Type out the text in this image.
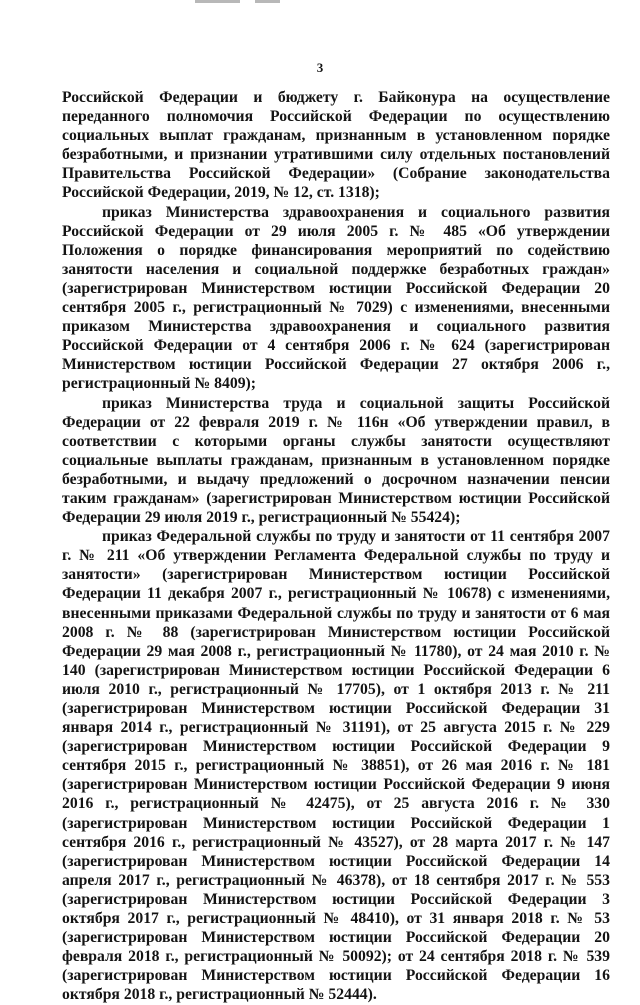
3

Российской Федерации и бюджету г. Байконура на осуществление переданного полномочия Российской Федерации по осуществлению социальных выплат гражданам, признанным в установленном порядке безработными, и признании утратившими силу отдельных постановлений Правительства Российской Федерации» (Собрание законодательства Российской Федерации, 2019, № 12, ст. 1318);

приказ Министерства здравоохранения и социального развития Российской Федерации от 29 июля 2005 г. № 485 «Об утверждении Положения о порядке финансирования мероприятий по содействию занятости населения и социальной поддержке безработных граждан» (зарегистрирован Министерством юстиции Российской Федерации 20 сентября 2005 г., регистрационный № 7029) с изменениями, внесенными приказом Министерства здравоохранения и социального развития Российской Федерации от 4 сентября 2006 г. № 624 (зарегистрирован Министерством юстиции Российской Федерации 27 октября 2006 г., регистрационный № 8409);

приказ Министерства труда и социальной защиты Российской Федерации от 22 февраля 2019 г. № 116н «Об утверждении правил, в соответствии с которыми органы службы занятости осуществляют социальные выплаты гражданам, признанным в установленном порядке безработными, и выдачу предложений о досрочном назначении пенсии таким гражданам» (зарегистрирован Министерством юстиции Российской Федерации 29 июля 2019 г., регистрационный № 55424);

приказ Федеральной службы по труду и занятости от 11 сентября 2007 г. № 211 «Об утверждении Регламента Федеральной службы по труду и занятости» (зарегистрирован Министерством юстиции Российской Федерации 11 декабря 2007 г., регистрационный № 10678) с изменениями, внесенными приказами Федеральной службы по труду и занятости от 6 мая 2008 г. № 88 (зарегистрирован Министерством юстиции Российской Федерации 29 мая 2008 г., регистрационный № 11780), от 24 мая 2010 г. № 140 (зарегистрирован Министерством юстиции Российской Федерации 6 июля 2010 г., регистрационный № 17705), от 1 октября 2013 г. № 211 (зарегистрирован Министерством юстиции Российской Федерации 31 января 2014 г., регистрационный № 31191), от 25 августа 2015 г. № 229 (зарегистрирован Министерством юстиции Российской Федерации 9 сентября 2015 г., регистрационный № 38851), от 26 мая 2016 г. № 181 (зарегистрирован Министерством юстиции Российской Федерации 9 июня 2016 г., регистрационный № 42475), от 25 августа 2016 г. № 330 (зарегистрирован Министерством юстиции Российской Федерации 1 сентября 2016 г., регистрационный № 43527), от 28 марта 2017 г. № 147 (зарегистрирован Министерством юстиции Российской Федерации 14 апреля 2017 г., регистрационный № 46378), от 18 сентября 2017 г. № 553 (зарегистрирован Министерством юстиции Российской Федерации 3 октября 2017 г., регистрационный № 48410), от 31 января 2018 г. № 53 (зарегистрирован Министерством юстиции Российской Федерации 20 февраля 2018 г., регистрационный № 50092); от 24 сентября 2018 г. № 539 (зарегистрирован Министерством юстиции Российской Федерации 16 октября 2018 г., регистрационный № 52444).
